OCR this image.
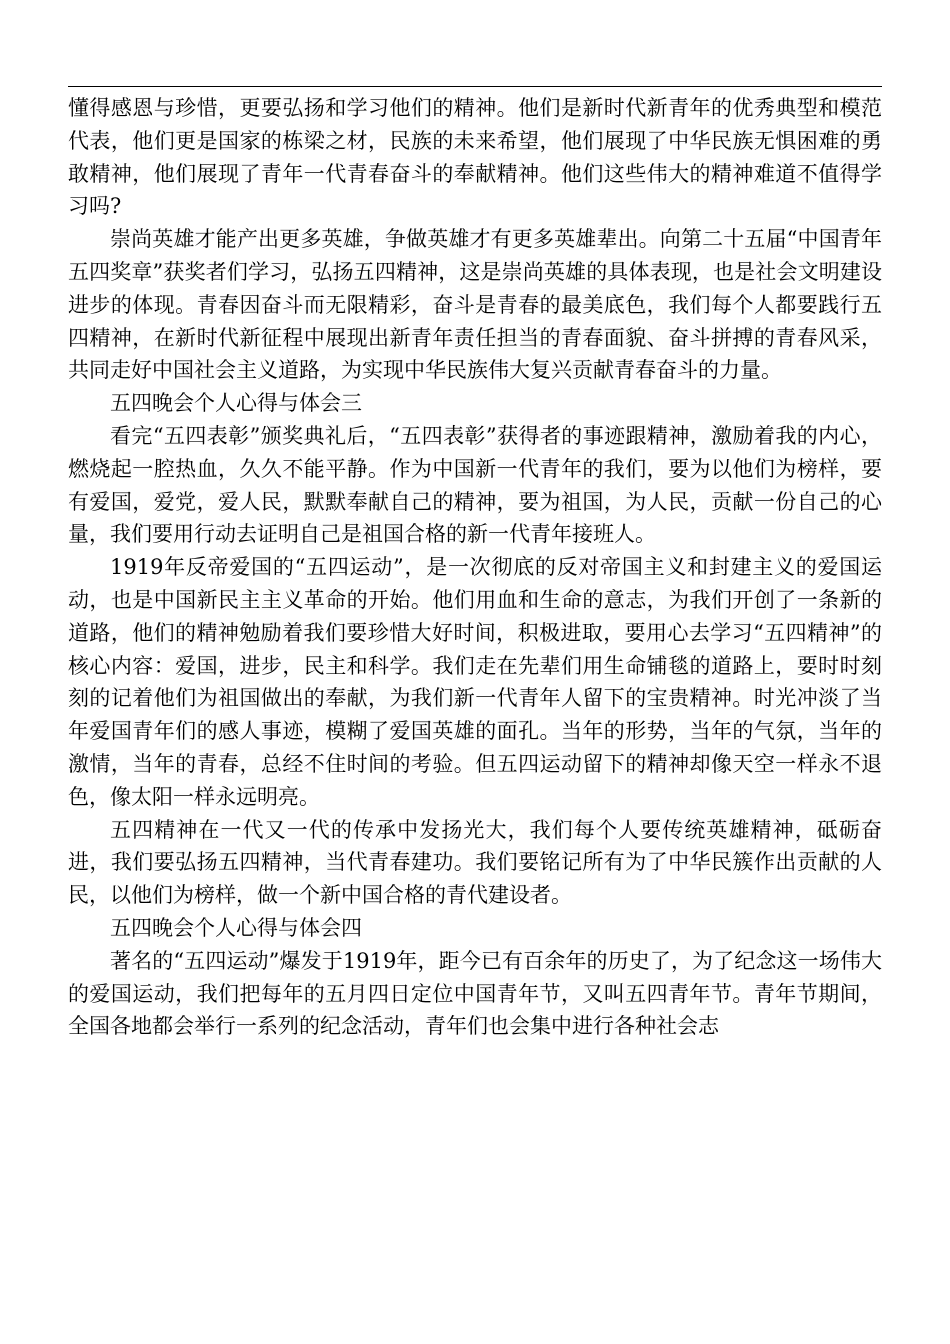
懂得感恩与珍惜，更要弘扬和学习他们的精神。他们是新时代新青年的优秀典型和模范代表，他们更是国家的栋梁之材，民族的未来希望，他们展现了中华民族无惧困难的勇敢精神，他们展现了青年一代青春奋斗的奉献精神。他们这些伟大的精神难道不值得学习吗?

崇尚英雄才能产出更多英雄，争做英雄才有更多英雄辈出。向第二十五届“中国青年五四奖章”获奖者们学习，弘扬五四精神，这是崇尚英雄的具体表现，也是社会文明建设进步的体现。青春因奋斗而无限精彩，奋斗是青春的最美底色，我们每个人都要践行五四精神，在新时代新征程中展现出新青年责任担当的青春面貌、奋斗拼搏的青春风采，共同走好中国社会主义道路，为实现中华民族伟大复兴贡献青春奋斗的力量。

五四晚会个人心得与体会三

看完“五四表彰”颁奖典礼后，“五四表彰”获得者的事迹跟精神，激励着我的内心，燃烧起一腔热血，久久不能平静。作为中国新一代青年的我们，要为以他们为榜样，要有爱国，爱党，爱人民，默默奉献自己的精神，要为祖国，为人民，贡献一份自己的心量，我们要用行动去证明自己是祖国合格的新一代青年接班人。

1919年反帝爱国的“五四运动”，是一次彻底的反对帝国主义和封建主义的爱国运动，也是中国新民主主义革命的开始。他们用血和生命的意志，为我们开创了一条新的道路，他们的精神勉励着我们要珍惜大好时间，积极进取，要用心去学习“五四精神”的核心内容：爱国，进步，民主和科学。我们走在先辈们用生命铺毯的道路上，要时时刻刻的记着他们为祖国做出的奉献，为我们新一代青年人留下的宝贵精神。时光冲淡了当年爱国青年们的感人事迹，模糊了爱国英雄的面孔。当年的形势，当年的气氛，当年的激情，当年的青春，总经不住时间的考验。但五四运动留下的精神却像天空一样永不退色，像太阳一样永远明亮。

五四精神在一代又一代的传承中发扬光大，我们每个人要传统英雄精神，砥砺奋进，我们要弘扬五四精神，当代青春建功。我们要铭记所有为了中华民簇作出贡献的人民，以他们为榜样，做一个新中国合格的青代建设者。

五四晚会个人心得与体会四

著名的“五四运动”爆发于1919年，距今已有百余年的历史了，为了纪念这一场伟大的爱国运动，我们把每年的五月四日定位中国青年节，又叫五四青年节。青年节期间，全国各地都会举行一系列的纪念活动，青年们也会集中进行各种社会志
